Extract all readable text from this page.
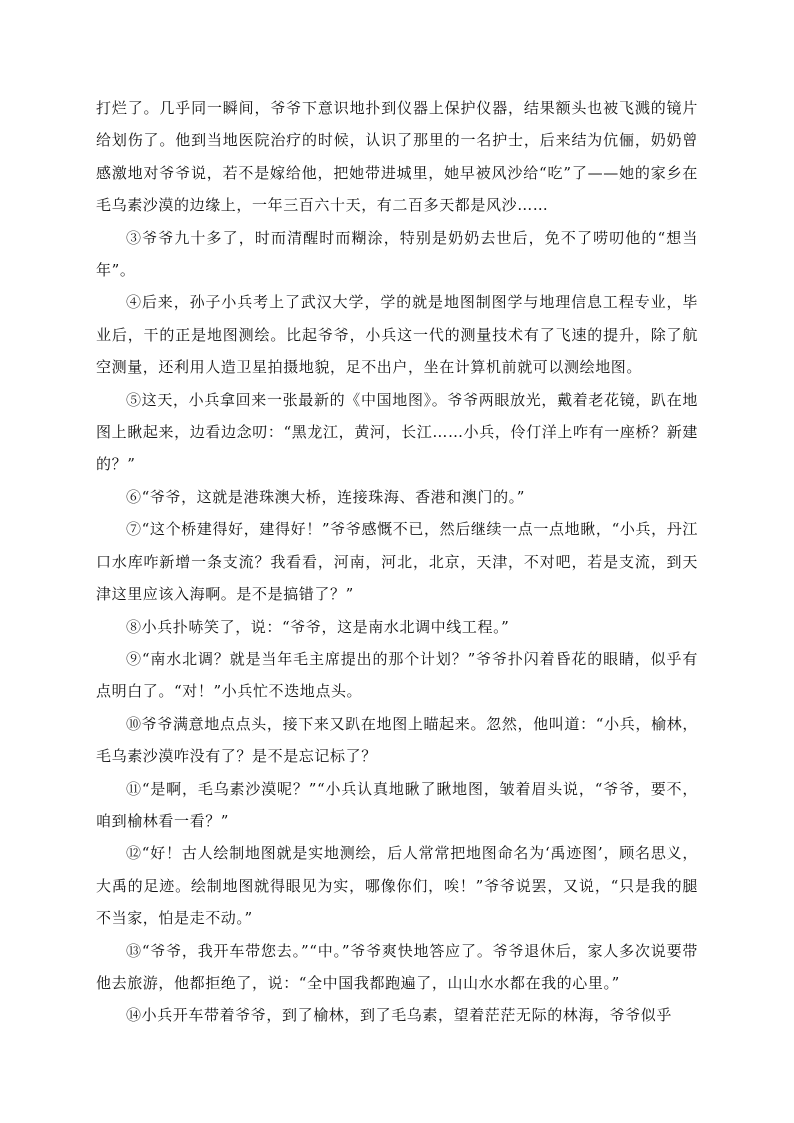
打烂了。几乎同一瞬间，爷爷下意识地扑到仪器上保护仪器，结果额头也被飞溅的镜片给划伤了。他到当地医院治疗的时候，认识了那里的一名护士，后来结为伉俪，奶奶曾感激地对爷爷说，若不是嫁给他，把她带进城里，她早被风沙给“吃”了——她的家乡在毛乌素沙漠的边缘上，一年三百六十天，有二百多天都是风沙……

③爷爷九十多了，时而清醒时而糊涂，特别是奶奶去世后，免不了唠叨他的“想当年”。

④后来，孙子小兵考上了武汉大学，学的就是地图制图学与地理信息工程专业，毕业后，干的正是地图测绘。比起爷爷，小兵这一代的测量技术有了飞速的提升，除了航空测量，还利用人造卫星拍摄地貌，足不出户，坐在计算机前就可以测绘地图。

⑤这天，小兵拿回来一张最新的《中国地图》。爷爷两眼放光，戴着老花镜，趴在地图上瞅起来，边看边念叨：“黑龙江，黄河，长江……小兵，伶仃洋上咋有一座桥？新建的？”

⑥“爷爷，这就是港珠澳大桥，连接珠海、香港和澳门的。”

⑦“这个桥建得好，建得好！”爷爷感慨不已，然后继续一点一点地瞅，“小兵，丹江口水库咋新增一条支流？我看看，河南，河北，北京，天津，不对吧，若是支流，到天津这里应该入海啊。是不是搞错了？”

⑧小兵扑哧笑了，说：“爷爷，这是南水北调中线工程。”

⑨“南水北调？就是当年毛主席提出的那个计划？”爷爷扑闪着昏花的眼睛，似乎有点明白了。“对！”小兵忙不迭地点头。

⑩爷爷满意地点点头，接下来又趴在地图上瞄起来。忽然，他叫道：“小兵，榆林，毛乌素沙漠咋没有了？是不是忘记标了？

⑪“是啊，毛乌素沙漠呢？”“小兵认真地瞅了瞅地图，皱着眉头说，“爷爷，要不，咱到榆林看一看？”

⑫“好！古人绘制地图就是实地测绘，后人常常把地图命名为‘禹迹图’，顾名思义，大禹的足迹。绘制地图就得眼见为实，哪像你们，唉！”爷爷说罢，又说，“只是我的腿不当家，怕是走不动。”

⑬“爷爷，我开车带您去。”“中。”爷爷爽快地答应了。爷爷退休后，家人多次说要带他去旅游，他都拒绝了，说：“全中国我都跑遍了，山山水水都在我的心里。”

⑭小兵开车带着爷爷，到了榆林，到了毛乌素，望着茫茫无际的林海，爷爷似乎
